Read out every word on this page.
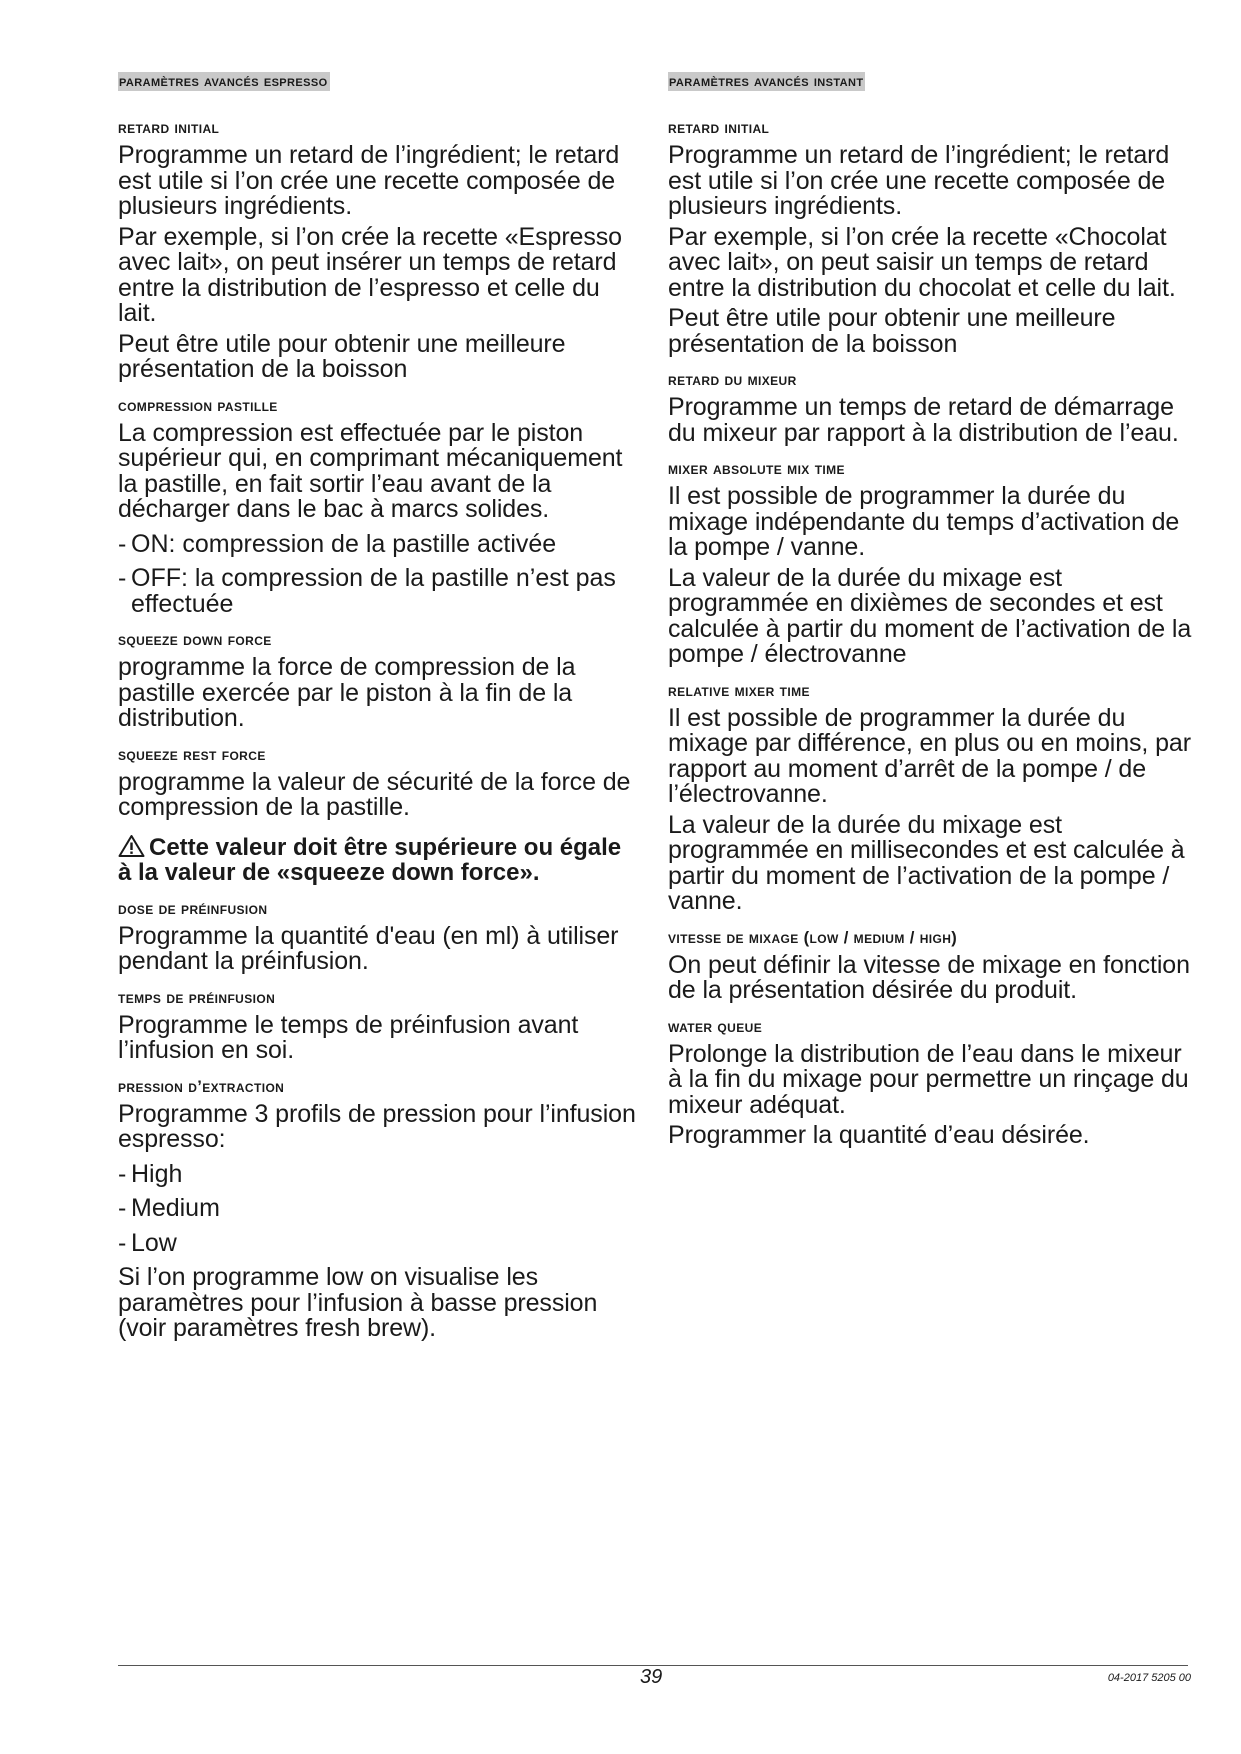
paramètres avancés espresso
retard initial
Programme un retard de l’ingrédient; le retard est utile si l’on crée une recette composée de plusieurs ingrédients.
Par exemple, si l’on crée la recette «Espresso avec lait», on peut insérer un temps de retard entre la distribution de l’espresso et celle du lait.
Peut être utile pour obtenir une meilleure présentation de la boisson
compression pastille
La compression est effectuée par le piston supérieur qui, en comprimant mécaniquement la pastille, en fait sortir l’eau avant de la décharger dans le bac à marcs solides.
- ON: compression de la pastille activée
- OFF: la compression de la pastille n’est pas effectuée
squeeze down force
programme la force de compression de la pastille exercée par le piston à la fin de la distribution.
squeeze rest force
programme la valeur de sécurité de la force de compression de la pastille.
Cette valeur doit être supérieure ou égale à la valeur de «squeeze down force».
dose de préinfusion
Programme la quantité d'eau (en ml) à utiliser pendant la préinfusion.
temps de préinfusion
Programme le temps de préinfusion avant l’infusion en soi.
pression d’extraction
Programme 3 profils de pression pour l’infusion espresso:
- High
- Medium
- Low
Si l’on programme low on visualise les paramètres pour l’infusion à basse pression (voir paramètres fresh brew).
paramètres avancés instant
retard initial
Programme un retard de l’ingrédient; le retard est utile si l’on crée une recette composée de plusieurs ingrédients.
Par exemple, si l’on crée la recette «Chocolat avec lait», on peut saisir un temps de retard entre la distribution du chocolat et celle du lait.
Peut être utile pour obtenir une meilleure présentation de la boisson
retard du mixeur
Programme un temps de retard de démarrage du mixeur par rapport à la distribution de l’eau.
mixer absolute mix time
Il est possible de programmer la durée du mixage indépendante du temps d’activation de la pompe / vanne.
La valeur de la durée du mixage est programmée en dixièmes de secondes et est calculée à partir du moment de l’activation de la pompe / électrovanne
relative mixer time
Il est possible de programmer la durée du mixage par différence, en plus ou en moins, par rapport au moment d’arrêt de la pompe / de l’électrovanne.
La valeur de la durée du mixage est programmée en millisecondes et est calculée à partir du moment de l’activation de la pompe / vanne.
vitesse de mixage (low / medium / high)
On peut définir la vitesse de mixage en fonction de la présentation désirée du produit.
water queue
Prolonge la distribution de l’eau dans le mixeur à la fin du mixage pour permettre un rinçage du mixeur adéquat.
Programmer la quantité d’eau désirée.
39	04-2017 5205 00
